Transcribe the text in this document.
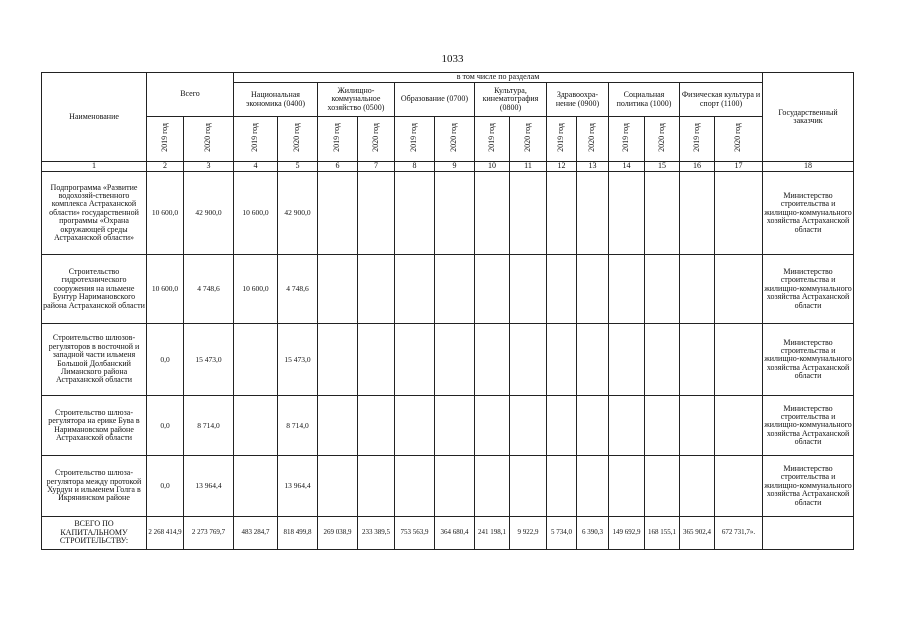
1033
Наименование	Всего		в том числе по разделам														Государственный заказчик
			Национальная экономика (0400)		Жилищно-коммунальное хозяйство (0500)		Образование (0700)		Культура, кинематография (0800)		Здравоохра-нение (0900)		Социальная политика (1000)		Физическая культура и спорт (1100)		
	2019 год	2020 год	2019 год	2020 год	2019 год	2020 год	2019 год	2020 год	2019 год	2020 год	2019 год	2020 год	2019 год	2020 год	2019 год	2020 год	
1	2	3	4	5	6	7	8	9	10	11	12	13	14	15	16	17	18
Подпрограмма «Развитие водохозяй-ственного комплекса Астраханской области» государственной программы «Охрана окружающей среды Астраханской области»	10 600,0	42 900,0	10 600,0	42 900,0													Министерство строительства и жилищно-коммунального хозяйства Астраханской области
Строительство гидротехнического сооружения на ильмене Бунтур Наримановского района Астраханской области	10 600,0	4 748,6	10 600,0	4 748,6													Министерство строительства и жилищно-коммунального хозяйства Астраханской области
Строительство шлюзов-регуляторов в восточной и западной части ильменя Большой Долбанский Лиманского района Астраханской области	0,0	15 473,0		15 473,0													Министерство строительства и жилищно-коммунального хозяйства Астраханской области
Строительство шлюза-регулятора на ерике Бува в Наримановском районе Астраханской области	0,0	8 714,0		8 714,0													Министерство строительства и жилищно-коммунального хозяйства Астраханской области
Строительство шлюза-регулятора между протокой Хурдун и ильменем Голга в Икрянинском районе	0,0	13 964,4		13 964,4													Министерство строительства и жилищно-коммунального хозяйства Астраханской области
ВСЕГО ПО КАПИТАЛЬНОМУ СТРОИТЕЛЬСТВУ:	2 268 414,9	2 273 769,7	483 284,7	818 499,8	269 038,9	233 389,5	753 563,9	364 680,4	241 198,1	9 922,9	5 734,0	6 390,3	149 692,9	168 155,1	365 902,4	672 731,7».	
